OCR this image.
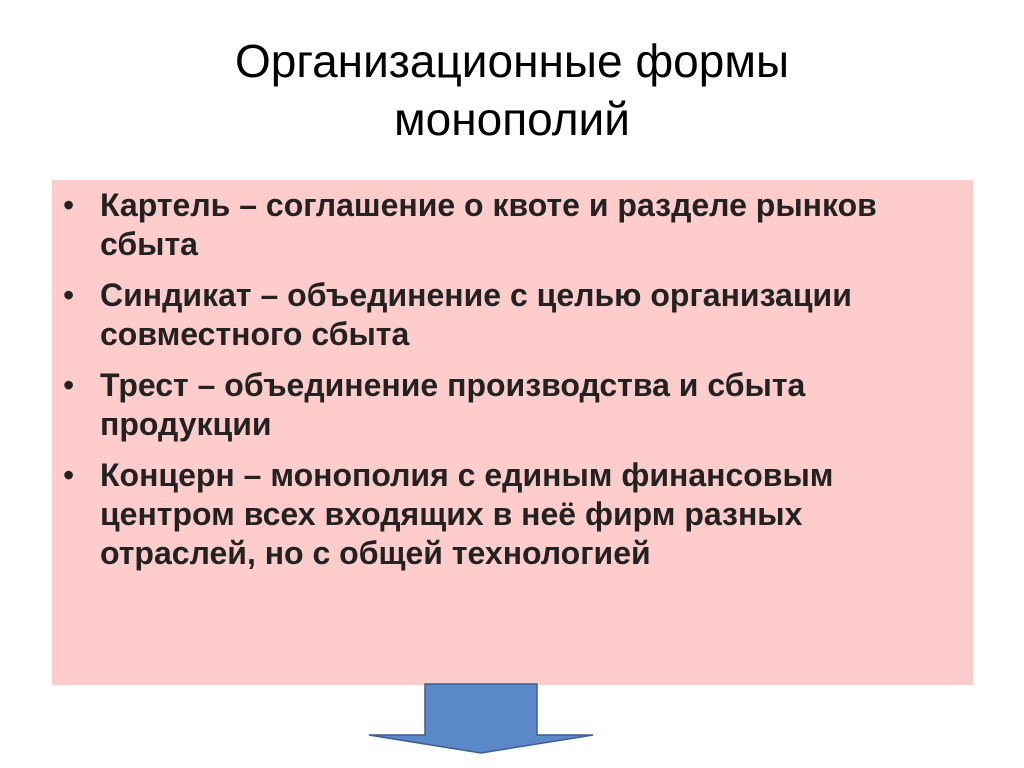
Организационные формы
монополий
• Картель – соглашение о квоте и разделе рынков сбыта
• Синдикат – объединение с целью организации совместного сбыта
• Трест – объединение производства и сбыта продукции
• Концерн – монополия с единым финансовым центром всех входящих в неё фирм разных отраслей, но с общей технологией
